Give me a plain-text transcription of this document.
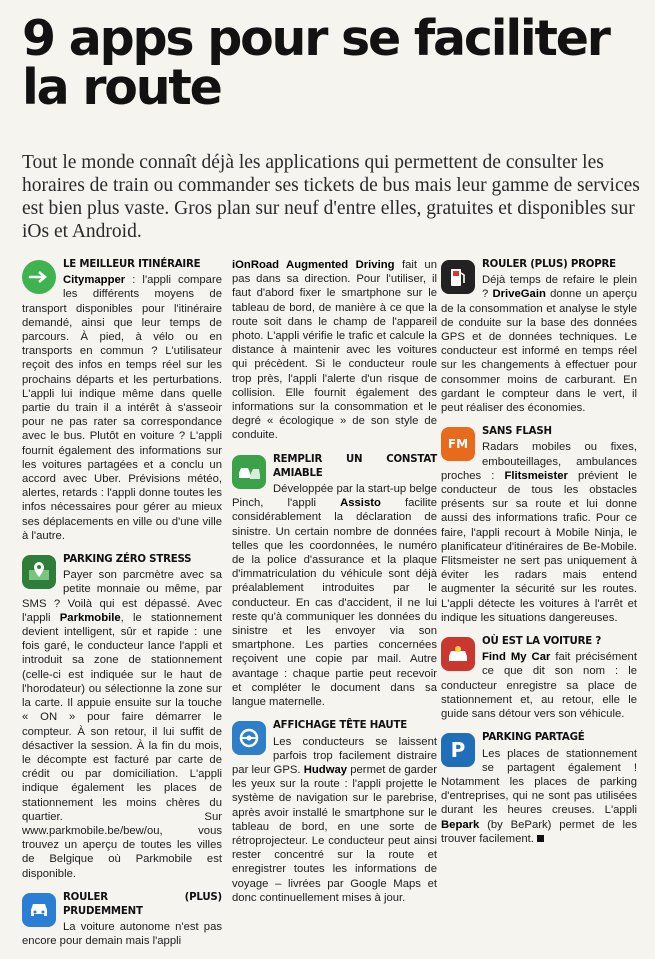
9 apps pour se faciliter la route
Tout le monde connaît déjà les applications qui permettent de consulter les horaires de train ou commander ses tickets de bus mais leur gamme de services est bien plus vaste. Gros plan sur neuf d'entre elles, gratuites et disponibles sur iOs et Android.
LE MEILLEUR ITINÉRAIRE
Citymapper : l'appli compare les différents moyens de transport disponibles pour l'itinéraire demandé, ainsi que leur temps de parcours. À pied, à vélo ou en transports en commun ? L'utilisateur reçoit des infos en temps réel sur les prochains départs et les perturbations. L'appli lui indique même dans quelle partie du train il a intérêt à s'asseoir pour ne pas rater sa correspondance avec le bus. Plutôt en voiture ? L'appli fournit également des informations sur les voitures partagées et a conclu un accord avec Uber. Prévisions météo, alertes, retards : l'appli donne toutes les infos nécessaires pour gérer au mieux ses déplacements en ville ou d'une ville à l'autre.
PARKING ZÉRO STRESS
Payer son parcmètre avec sa petite monnaie ou même, par SMS ? Voilà qui est dépassé. Avec l'appli Parkmobile, le stationnement devient intelligent, sûr et rapide : une fois garé, le conducteur lance l'appli et introduit sa zone de stationnement (celle-ci est indiquée sur le haut de l'horodateur) ou sélectionne la zone sur la carte. Il appuie ensuite sur la touche « ON » pour faire démarrer le compteur. À son retour, il lui suffit de désactiver la session. À la fin du mois, le décompte est facturé par carte de crédit ou par domiciliation. L'appli indique également les places de stationnement les moins chères du quartier. Sur www.parkmobile.be/bew/ou, vous trouvez un aperçu de toutes les villes de Belgique où Parkmobile est disponible.
ROULER (PLUS) PRUDEMMENT
La voiture autonome n'est pas encore pour demain mais l'appli
iOnRoad Augmented Driving fait un pas dans sa direction. Pour l'utiliser, il faut d'abord fixer le smartphone sur le tableau de bord, de manière à ce que la route soit dans le champ de l'appareil photo. L'appli vérifie le trafic et calcule la distance à maintenir avec les voitures qui précèdent. Si le conducteur roule trop près, l'appli l'alerte d'un risque de collision. Elle fournit également des informations sur la consommation et le degré « écologique » de son style de conduite.
REMPLIR UN CONSTAT AMIABLE
Développée par la start-up belge Pinch, l'appli Assisto facilite considérablement la déclaration de sinistre. Un certain nombre de données telles que les coordonnées, le numéro de la police d'assurance et la plaque d'immatriculation du véhicule sont déjà préalablement introduites par le conducteur. En cas d'accident, il ne lui reste qu'à communiquer les données du sinistre et les envoyer via son smartphone. Les parties concernées reçoivent une copie par mail. Autre avantage : chaque partie peut recevoir et compléter le document dans sa langue maternelle.
AFFICHAGE TÊTE HAUTE
Les conducteurs se laissent parfois trop facilement distraire par leur GPS. Hudway permet de garder les yeux sur la route : l'appli projette le système de navigation sur le parebrise, après avoir installé le smartphone sur le tableau de bord, en une sorte de rétroprojecteur. Le conducteur peut ainsi rester concentré sur la route et enregistrer toutes les informations de voyage – livrées par Google Maps et donc continuellement mises à jour.
ROULER (PLUS) PROPRE
Déjà temps de refaire le plein ? DriveGain donne un aperçu de la consommation et analyse le style de conduite sur la base des données GPS et de données techniques. Le conducteur est informé en temps réel sur les changements à effectuer pour consommer moins de carburant. En gardant le compteur dans le vert, il peut réaliser des économies.
FM
SANS FLASH
Radars mobiles ou fixes, embouteillages, ambulances proches : Flitsmeister prévient le conducteur de tous les obstacles présents sur sa route et lui donne aussi des informations trafic. Pour ce faire, l'appli recourt à Mobile Ninja, le planificateur d'itinéraires de Be-Mobile. Flitsmeister ne sert pas uniquement à éviter les radars mais entend augmenter la sécurité sur les routes. L'appli détecte les voitures à l'arrêt et indique les situations dangereuses.
OÙ EST LA VOITURE ?
Find My Car fait précisément ce que dit son nom : le conducteur enregistre sa place de stationnement et, au retour, elle le guide sans détour vers son véhicule.
P
PARKING PARTAGÉ
Les places de stationnement se partagent également ! Notamment les places de parking d'entreprises, qui ne sont pas utilisées durant les heures creuses. L'appli Bepark (by BePark) permet de les trouver facilement.
